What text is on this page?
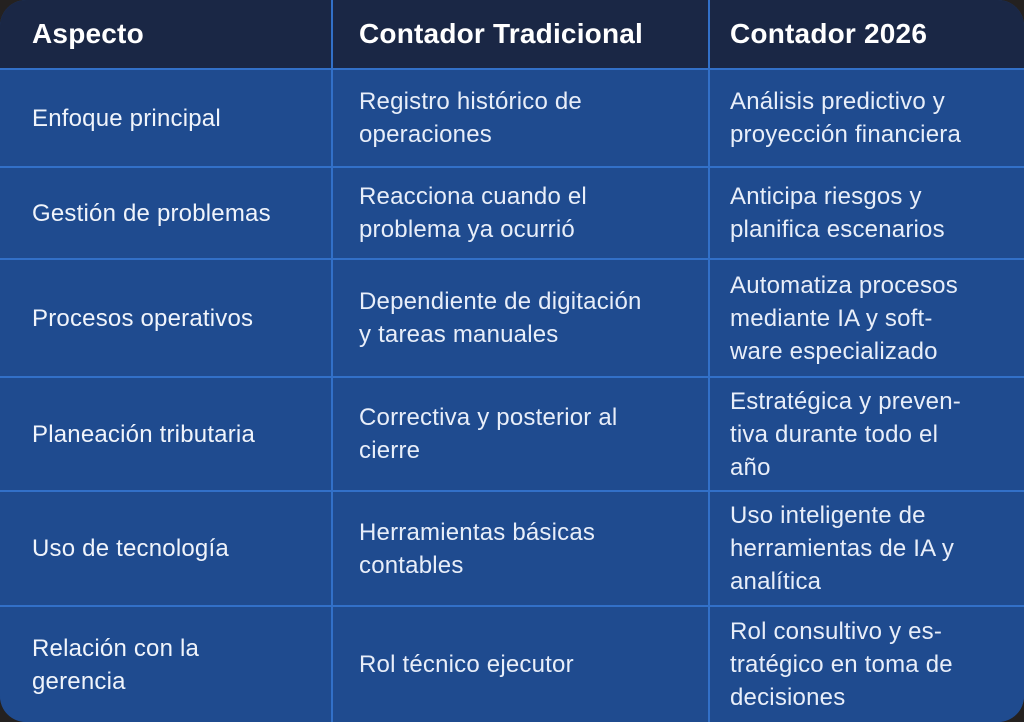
Aspecto	Contador Tradicional	Contador 2026
Enfoque principal
Registro histórico de
operaciones
Análisis predictivo y
proyección financiera
Gestión de problemas
Reacciona cuando el
problema ya ocurrió
Anticipa riesgos y
planifica escenarios
Procesos operativos
Dependiente de digitación
y tareas manuales
Automatiza procesos
mediante IA y soft-
ware especializado
Planeación tributaria
Correctiva y posterior al
cierre
Estratégica y preven-
tiva durante todo el
año
Uso de tecnología
Herramientas básicas
contables
Uso inteligente de
herramientas de IA y
analítica
Relación con la
gerencia
Rol técnico ejecutor
Rol consultivo y es-
tratégico en toma de
decisiones
